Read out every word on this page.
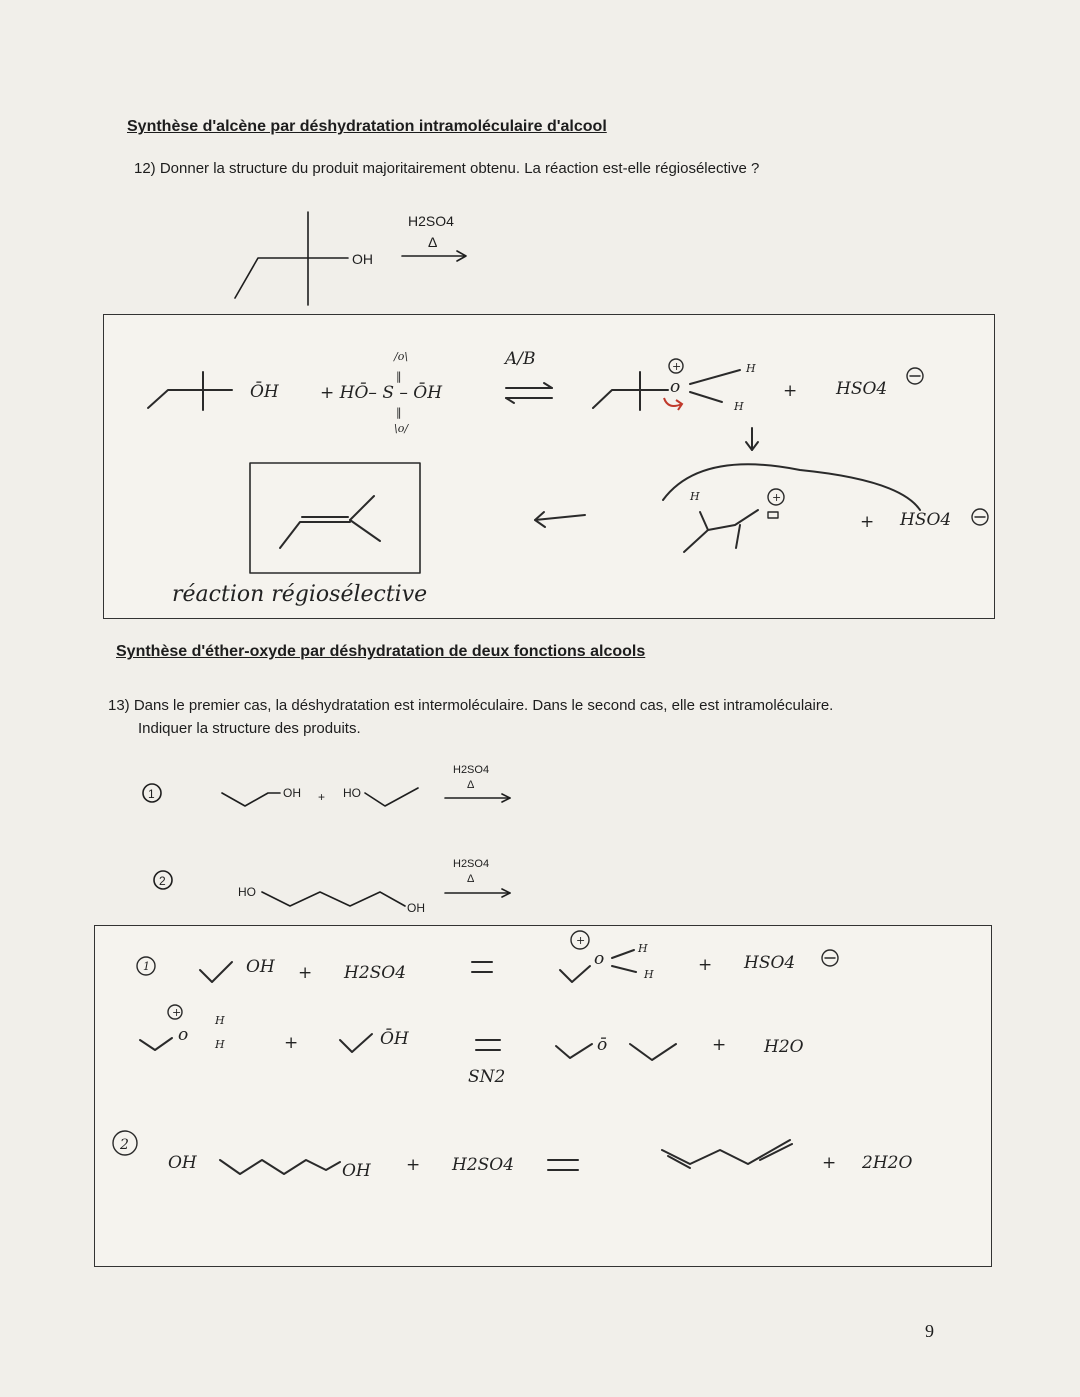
Synthèse d'alcène par déshydratation intramoléculaire d'alcool
12) Donner la structure du produit majoritairement obtenu. La réaction est-elle régiosélective ?
OH
H2SO4
Δ
ŌH + HŌ– S – ŌH
/o\
‖
‖
\o/
A/B	+
o
H
H
+ HSO4
H	+
+ HSO4
réaction régiosélective
Synthèse d'éther-oxyde par déshydratation de deux fonctions alcools
13) Dans le premier cas, la déshydratation est intermoléculaire. Dans le second cas, elle est intramoléculaire.
Indiquer la structure des produits.
1	OH + HO
H2SO4
Δ
2
HO
OH
H2SO4
Δ
1	OH + H2SO4
+
o
H
H	+ HSO4
+
o
H
H	+	ŌH
SN2
ō	+ H2O
2
OH	OH + H2SO4	+ 2H2O
9
